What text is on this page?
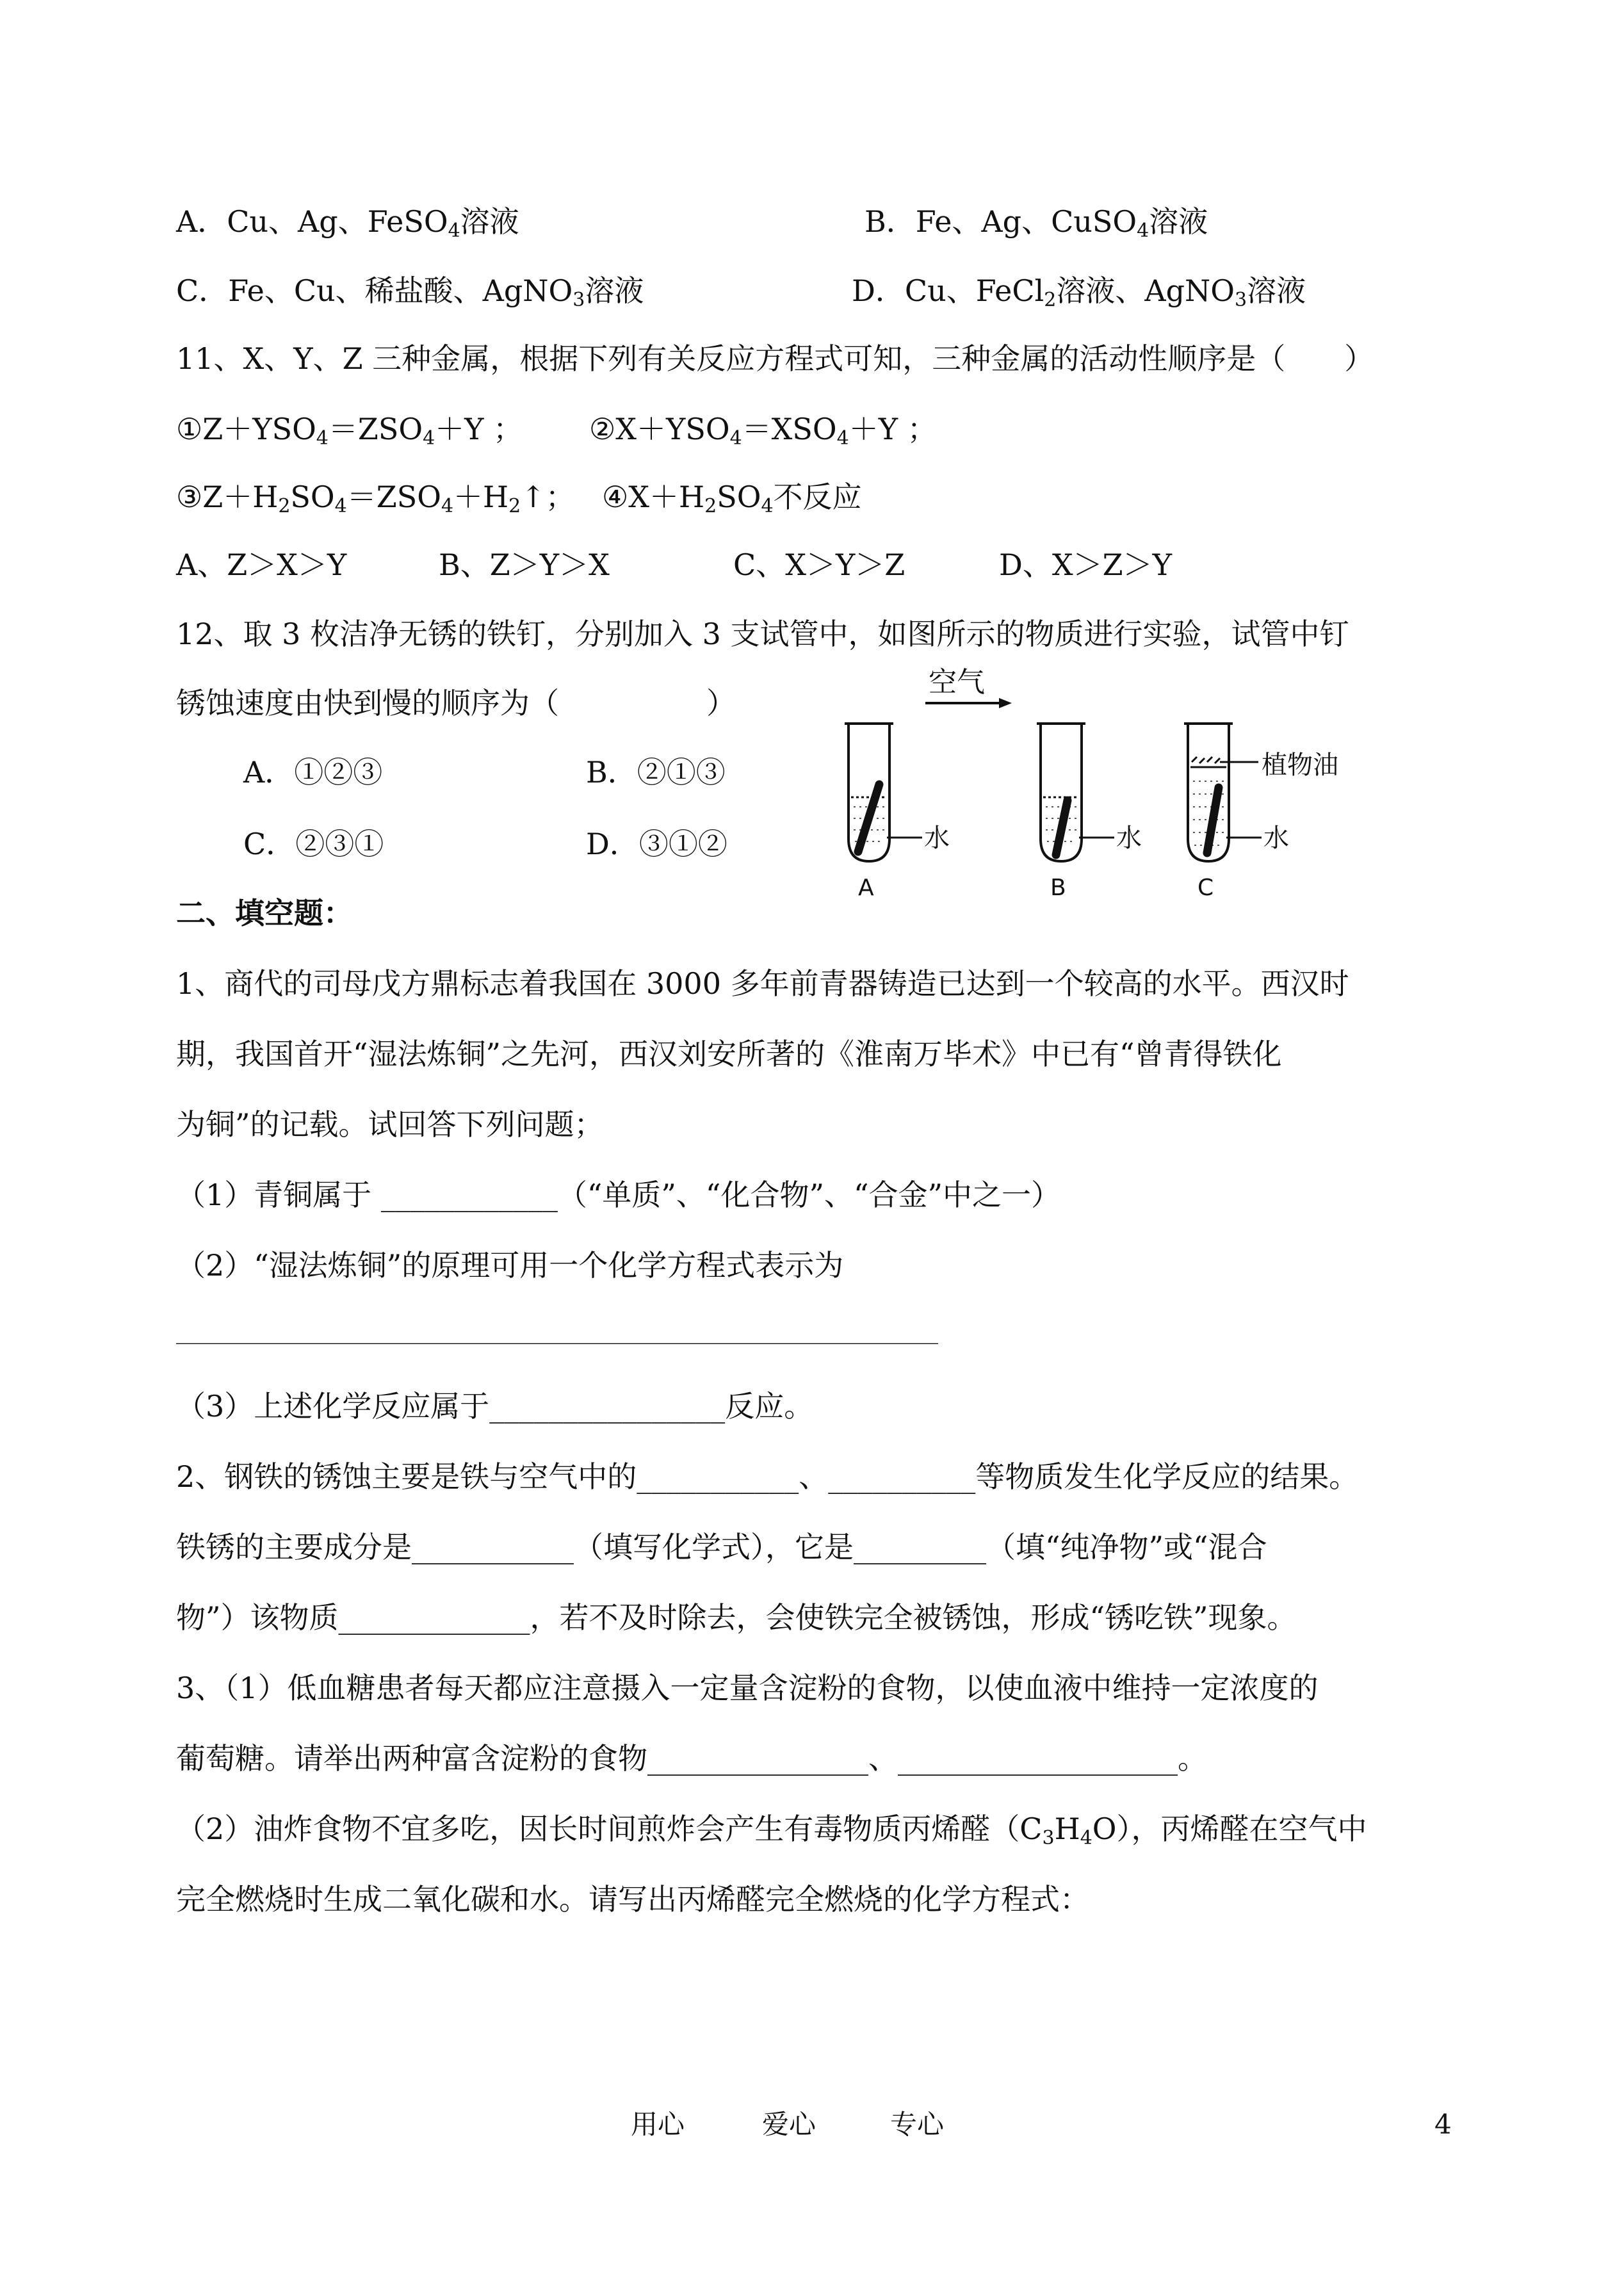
A．Cu、Ag、FeSO$_4$溶液	B．Fe、Ag、CuSO$_4$溶液
C．Fe、Cu、稀盐酸、AgNO$_3$溶液	D．Cu、FeCl$_2$溶液、AgNO$_3$溶液
11、X、Y、Z 三种金属，根据下列有关反应方程式可知，三种金属的活动性顺序是（　　）
$①Z+YSO_4=ZSO_4+Y$ ； $②X+YSO_4=XSO_4+Y$ ；
$③Z+H_2SO_4=ZSO_4+H_2↑$； $④X+H_2SO_4$不反应
A、Z＞X＞Y	B、Z＞Y＞X	C、X＞Y＞Z	D、X＞Z＞Y
12、取 3 枚洁净无锈的铁钉，分别加入 3 支试管中，如图所示的物质进行实验，试管中钉
锈蚀速度由快到慢的顺序为（　　　　　）
A．①②③	B．②①③
C．②③①	D．③①②
空气
水
A
水
B
植物油
水
C
二、填空题：
1、商代的司母戊方鼎标志着我国在 3000 多年前青器铸造已达到一个较高的水平。西汉时
期，我国首开“湿法炼铜”之先河，西汉刘安所著的《淮南万毕术》中已有“曾青得铁化
为铜”的记载。试回答下列问题；
（1）青铜属于 ____________（“单质”、“化合物”、“合金”中之一）
（2）“湿法炼铜”的原理可用一个化学方程式表示为
______________________________________________________________________
（3）上述化学反应属于________________反应。
2、钢铁的锈蚀主要是铁与空气中的___________、__________等物质发生化学反应的结果。
铁锈的主要成分是___________（填写化学式），它是_________（填“纯净物”或“混合
物”）该物质_____________，若不及时除去，会使铁完全被锈蚀，形成“锈吃铁”现象。
3、（1）低血糖患者每天都应注意摄入一定量含淀粉的食物，以使血液中维持一定浓度的
葡萄糖。请举出两种富含淀粉的食物_______________、___________________。
（2）油炸食物不宜多吃，因长时间煎炸会产生有毒物质丙烯醛$(C_3H_4O)$，丙烯醛在空气中
完全燃烧时生成二氧化碳和水。请写出丙烯醛完全燃烧的化学方程式：
用心	爱心	专心	4
